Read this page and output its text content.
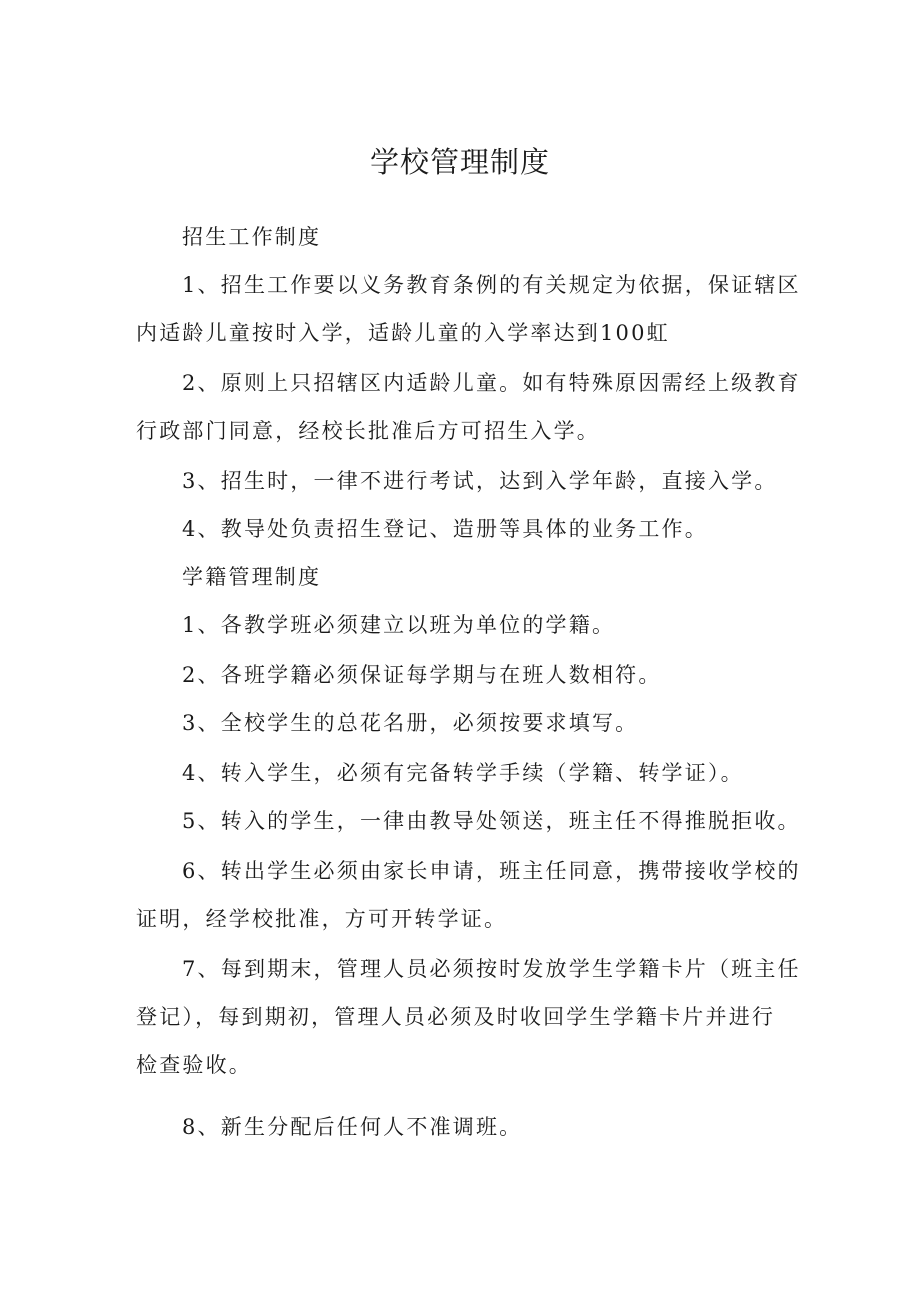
学校管理制度
招生工作制度
1、招生工作要以义务教育条例的有关规定为依据，保证辖区
内适龄儿童按时入学，适龄儿童的入学率达到100虹
2、原则上只招辖区内适龄儿童。如有特殊原因需经上级教育
行政部门同意，经校长批准后方可招生入学。
3、招生时，一律不进行考试，达到入学年龄，直接入学。
4、教导处负责招生登记、造册等具体的业务工作。
学籍管理制度
1、各教学班必须建立以班为单位的学籍。
2、各班学籍必须保证每学期与在班人数相符。
3、全校学生的总花名册，必须按要求填写。
4、转入学生，必须有完备转学手续（学籍、转学证）。
5、转入的学生，一律由教导处领送，班主任不得推脱拒收。
6、转出学生必须由家长申请，班主任同意，携带接收学校的
证明，经学校批准，方可开转学证。
7、每到期末，管理人员必须按时发放学生学籍卡片（班主任
登记），每到期初，管理人员必须及时收回学生学籍卡片并进行
检查验收。
8、新生分配后任何人不准调班。
